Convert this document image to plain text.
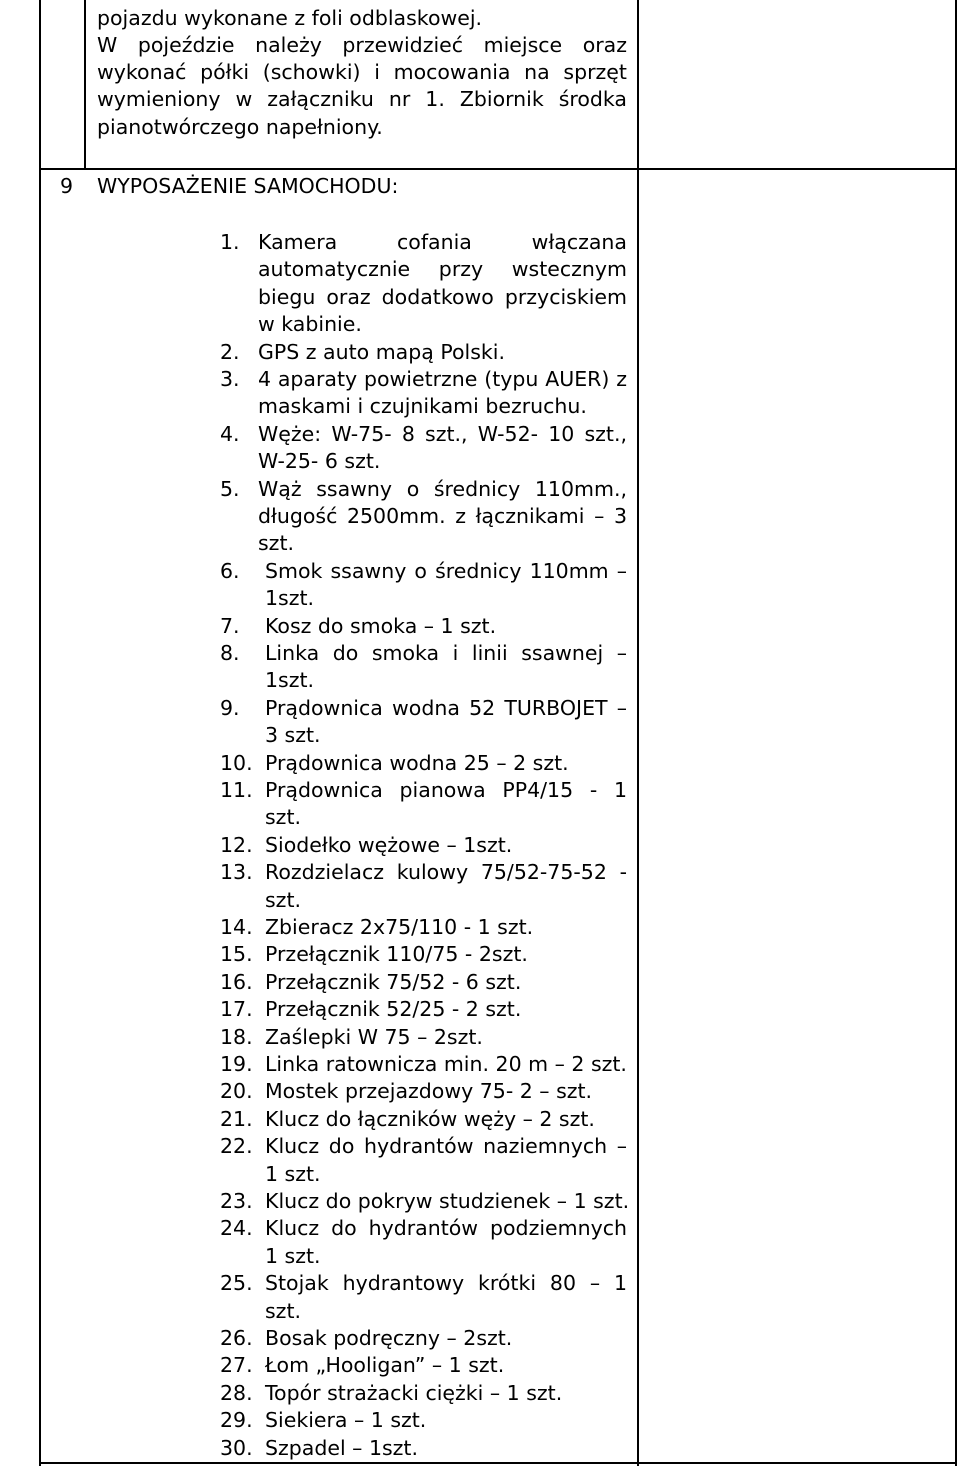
pojazdu wykonane z foli odblaskowej.
W pojeździe należy przewidzieć miejsce oraz
wykonać półki (schowki) i mocowania na sprzęt
wymieniony w załączniku nr 1. Zbiornik środka
pianotwórczego napełniony.
9 WYPOSAŻENIE SAMOCHODU:
1. Kamera cofania włączana
automatycznie przy wstecznym
biegu oraz dodatkowo przyciskiem
w kabinie.
2. GPS z auto mapą Polski.
3. 4 aparaty powietrzne (typu AUER) z
maskami i czujnikami bezruchu.
4. Węże: W-75- 8 szt., W-52- 10 szt.,
W-25- 6 szt.
5. Wąż ssawny o średnicy 110mm.,
długość 2500mm. z łącznikami – 3
szt.
6. Smok ssawny o średnicy 110mm –
1szt.
7. Kosz do smoka – 1 szt.
8. Linka do smoka i linii ssawnej –
1szt.
9. Prądownica wodna 52 TURBOJET –
3 szt.
10. Prądownica wodna 25 – 2 szt.
11. Prądownica pianowa PP4/15 - 1
szt.
12. Siodełko wężowe – 1szt.
13. Rozdzielacz kulowy 75/52-75-52 -
szt.
14. Zbieracz 2x75/110 - 1 szt.
15. Przełącznik 110/75 - 2szt.
16. Przełącznik 75/52 - 6 szt.
17. Przełącznik 52/25 - 2 szt.
18. Zaślepki W 75 – 2szt.
19. Linka ratownicza min. 20 m – 2 szt.
20. Mostek przejazdowy 75- 2 – szt.
21. Klucz do łączników węży – 2 szt.
22. Klucz do hydrantów naziemnych –
1 szt.
23. Klucz do pokryw studzienek – 1 szt.
24. Klucz do hydrantów podziemnych
1 szt.
25. Stojak hydrantowy krótki 80 – 1
szt.
26. Bosak podręczny – 2szt.
27. Łom „Hooligan” – 1 szt.
28. Topór strażacki ciężki – 1 szt.
29. Siekiera – 1 szt.
30. Szpadel – 1szt.
